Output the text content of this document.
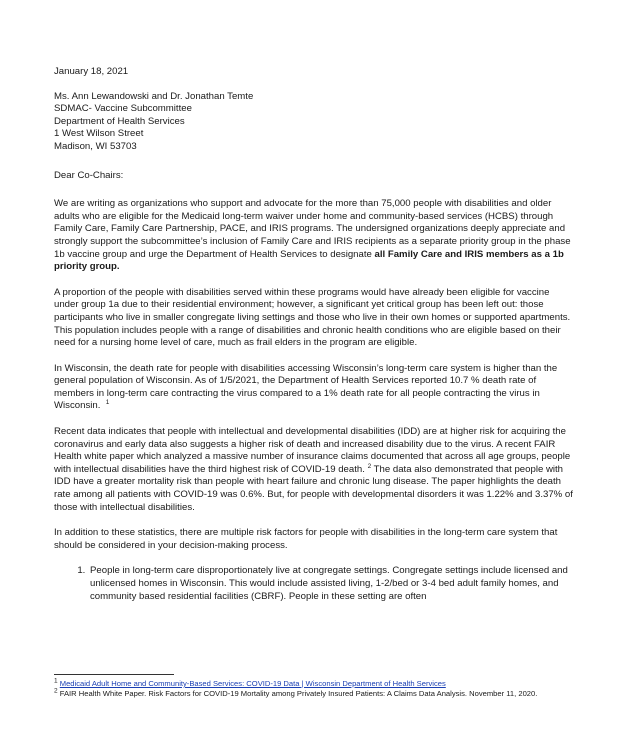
January 18, 2021
Ms. Ann Lewandowski and Dr. Jonathan Temte
SDMAC- Vaccine Subcommittee
Department of Health Services
1 West Wilson Street
Madison, WI 53703
Dear Co-Chairs:

We are writing as organizations who support and advocate for the more than 75,000 people with disabilities and older adults who are eligible for the Medicaid long-term waiver under home and community-based services (HCBS) through Family Care, Family Care Partnership, PACE, and IRIS programs. The undersigned organizations deeply appreciate and strongly support the subcommittee’s inclusion of Family Care and IRIS recipients as a separate priority group in the phase 1b vaccine group and urge the Department of Health Services to designate all Family Care and IRIS members as a 1b priority group.

A proportion of the people with disabilities served within these programs would have already been eligible for vaccine under group 1a due to their residential environment; however, a significant yet critical group has been left out: those participants who live in smaller congregate living settings and those who live in their own homes or supported apartments. This population includes people with a range of disabilities and chronic health conditions who are eligible based on their need for a nursing home level of care, much as frail elders in the program are eligible.

In Wisconsin, the death rate for people with disabilities accessing Wisconsin’s long-term care system is higher than the general population of Wisconsin. As of 1/5/2021, the Department of Health Services reported 10.7 % death rate of members in long-term care contracting the virus compared to a 1% death rate for all people contracting the virus in Wisconsin. $^1$

Recent data indicates that people with intellectual and developmental disabilities (IDD) are at higher risk for acquiring the coronavirus and early data also suggests a higher risk of death and increased disability due to the virus. A recent FAIR Health white paper which analyzed a massive number of insurance claims documented that across all age groups, people with intellectual disabilities have the third highest risk of COVID-19 death. $^2$ The data also demonstrated that people with IDD have a greater mortality risk than people with heart failure and chronic lung disease. The paper highlights the death rate among all patients with COVID-19 was 0.6%. But, for people with developmental disorders it was 1.22% and 3.37% of those with intellectual disabilities.

In addition to these statistics, there are multiple risk factors for people with disabilities in the long-term care system that should be considered in your decision-making process.

1. People in long-term care disproportionately live at congregate settings. Congregate settings include licensed and unlicensed homes in Wisconsin. This would include assisted living, 1-2/bed or 3-4 bed adult family homes, and community based residential facilities (CBRF). People in these setting are often
$^1$ Medicaid Adult Home and Community-Based Services: COVID-19 Data | Wisconsin Department of Health Services
$^2$ FAIR Health White Paper. Risk Factors for COVID-19 Mortality among Privately Insured Patients: A Claims Data Analysis. November 11, 2020.
